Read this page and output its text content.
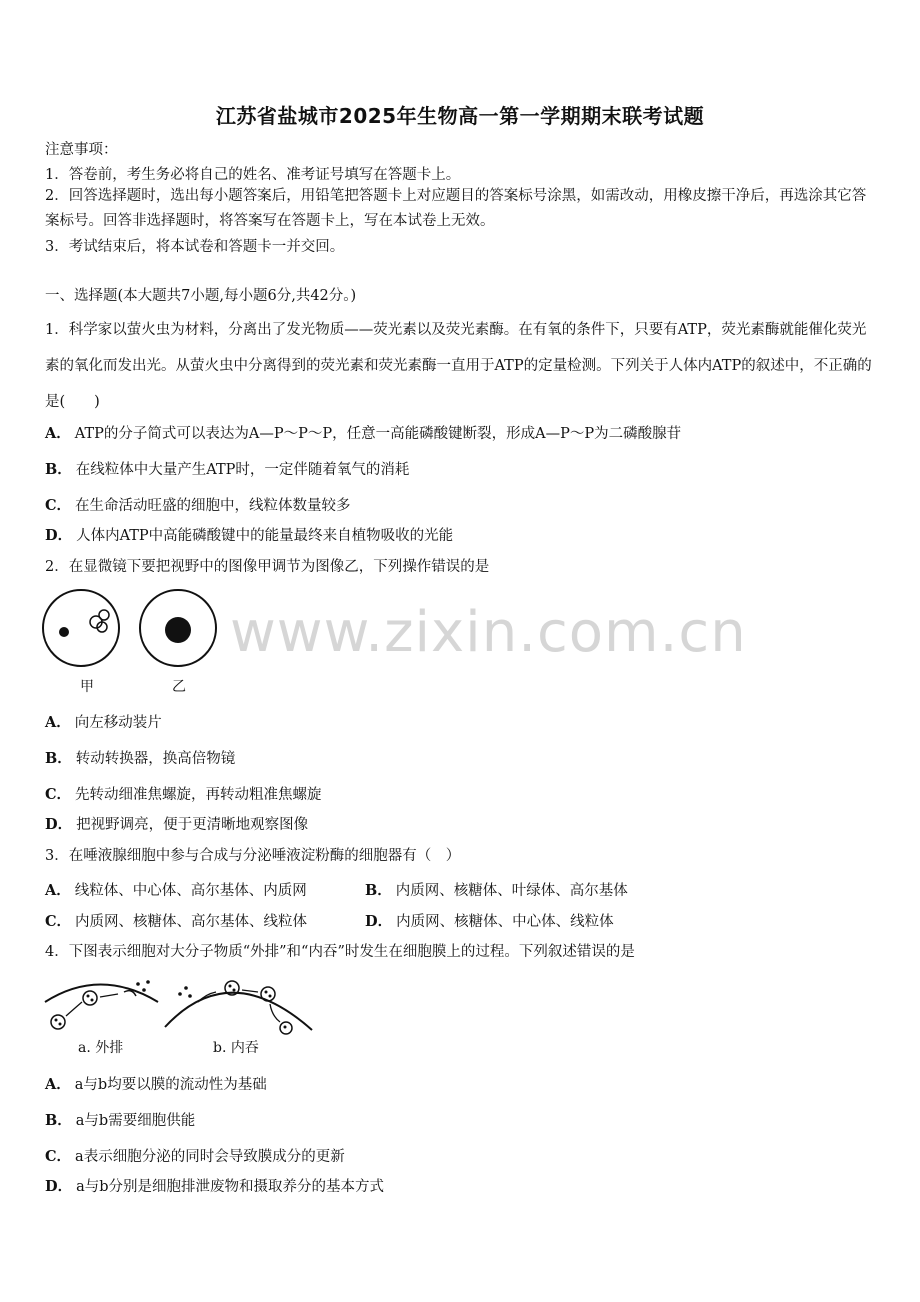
江苏省盐城市2025年生物高一第一学期期末联考试题
注意事项：
1．答卷前，考生务必将自己的姓名、准考证号填写在答题卡上。
2．回答选择题时，选出每小题答案后，用铅笔把答题卡上对应题目的答案标号涂黑，如需改动，用橡皮擦干净后，再选涂其它答案标号。回答非选择题时，将答案写在答题卡上，写在本试卷上无效。
3．考试结束后，将本试卷和答题卡一并交回。
一、选择题(本大题共7小题,每小题6分,共42分。)
1．科学家以萤火虫为材料，分离出了发光物质——荧光素以及荧光素酶。在有氧的条件下，只要有ATP，荧光素酶就能催化荧光素的氧化而发出光。从萤火虫中分离得到的荧光素和荧光素酶一直用于ATP的定量检测。下列关于人体内ATP的叙述中，不正确的是(　　)
A． ATP的分子简式可以表达为A—P～P～P，任意一高能磷酸键断裂，形成A—P～P为二磷酸腺苷
B． 在线粒体中大量产生ATP时，一定伴随着氧气的消耗
C． 在生命活动旺盛的细胞中，线粒体数量较多
D． 人体内ATP中高能磷酸键中的能量最终来自植物吸收的光能
2．在显微镜下要把视野中的图像甲调节为图像乙，下列操作错误的是
甲	乙
www.zixin.com.cn
A． 向左移动装片
B． 转动转换器，换高倍物镜
C． 先转动细准焦螺旋，再转动粗准焦螺旋
D． 把视野调亮，便于更清晰地观察图像
3．在唾液腺细胞中参与合成与分泌唾液淀粉酶的细胞器有（　）
A． 线粒体、中心体、高尔基体、内质网	B． 内质网、核糖体、叶绿体、高尔基体
C． 内质网、核糖体、高尔基体、线粒体	D． 内质网、核糖体、中心体、线粒体
4．下图表示细胞对大分子物质“外排”和“内吞”时发生在细胞膜上的过程。下列叙述错误的是
a. 外排	b. 内吞
A． a与b均要以膜的流动性为基础
B． a与b需要细胞供能
C． a表示细胞分泌的同时会导致膜成分的更新
D． a与b分别是细胞排泄废物和摄取养分的基本方式
